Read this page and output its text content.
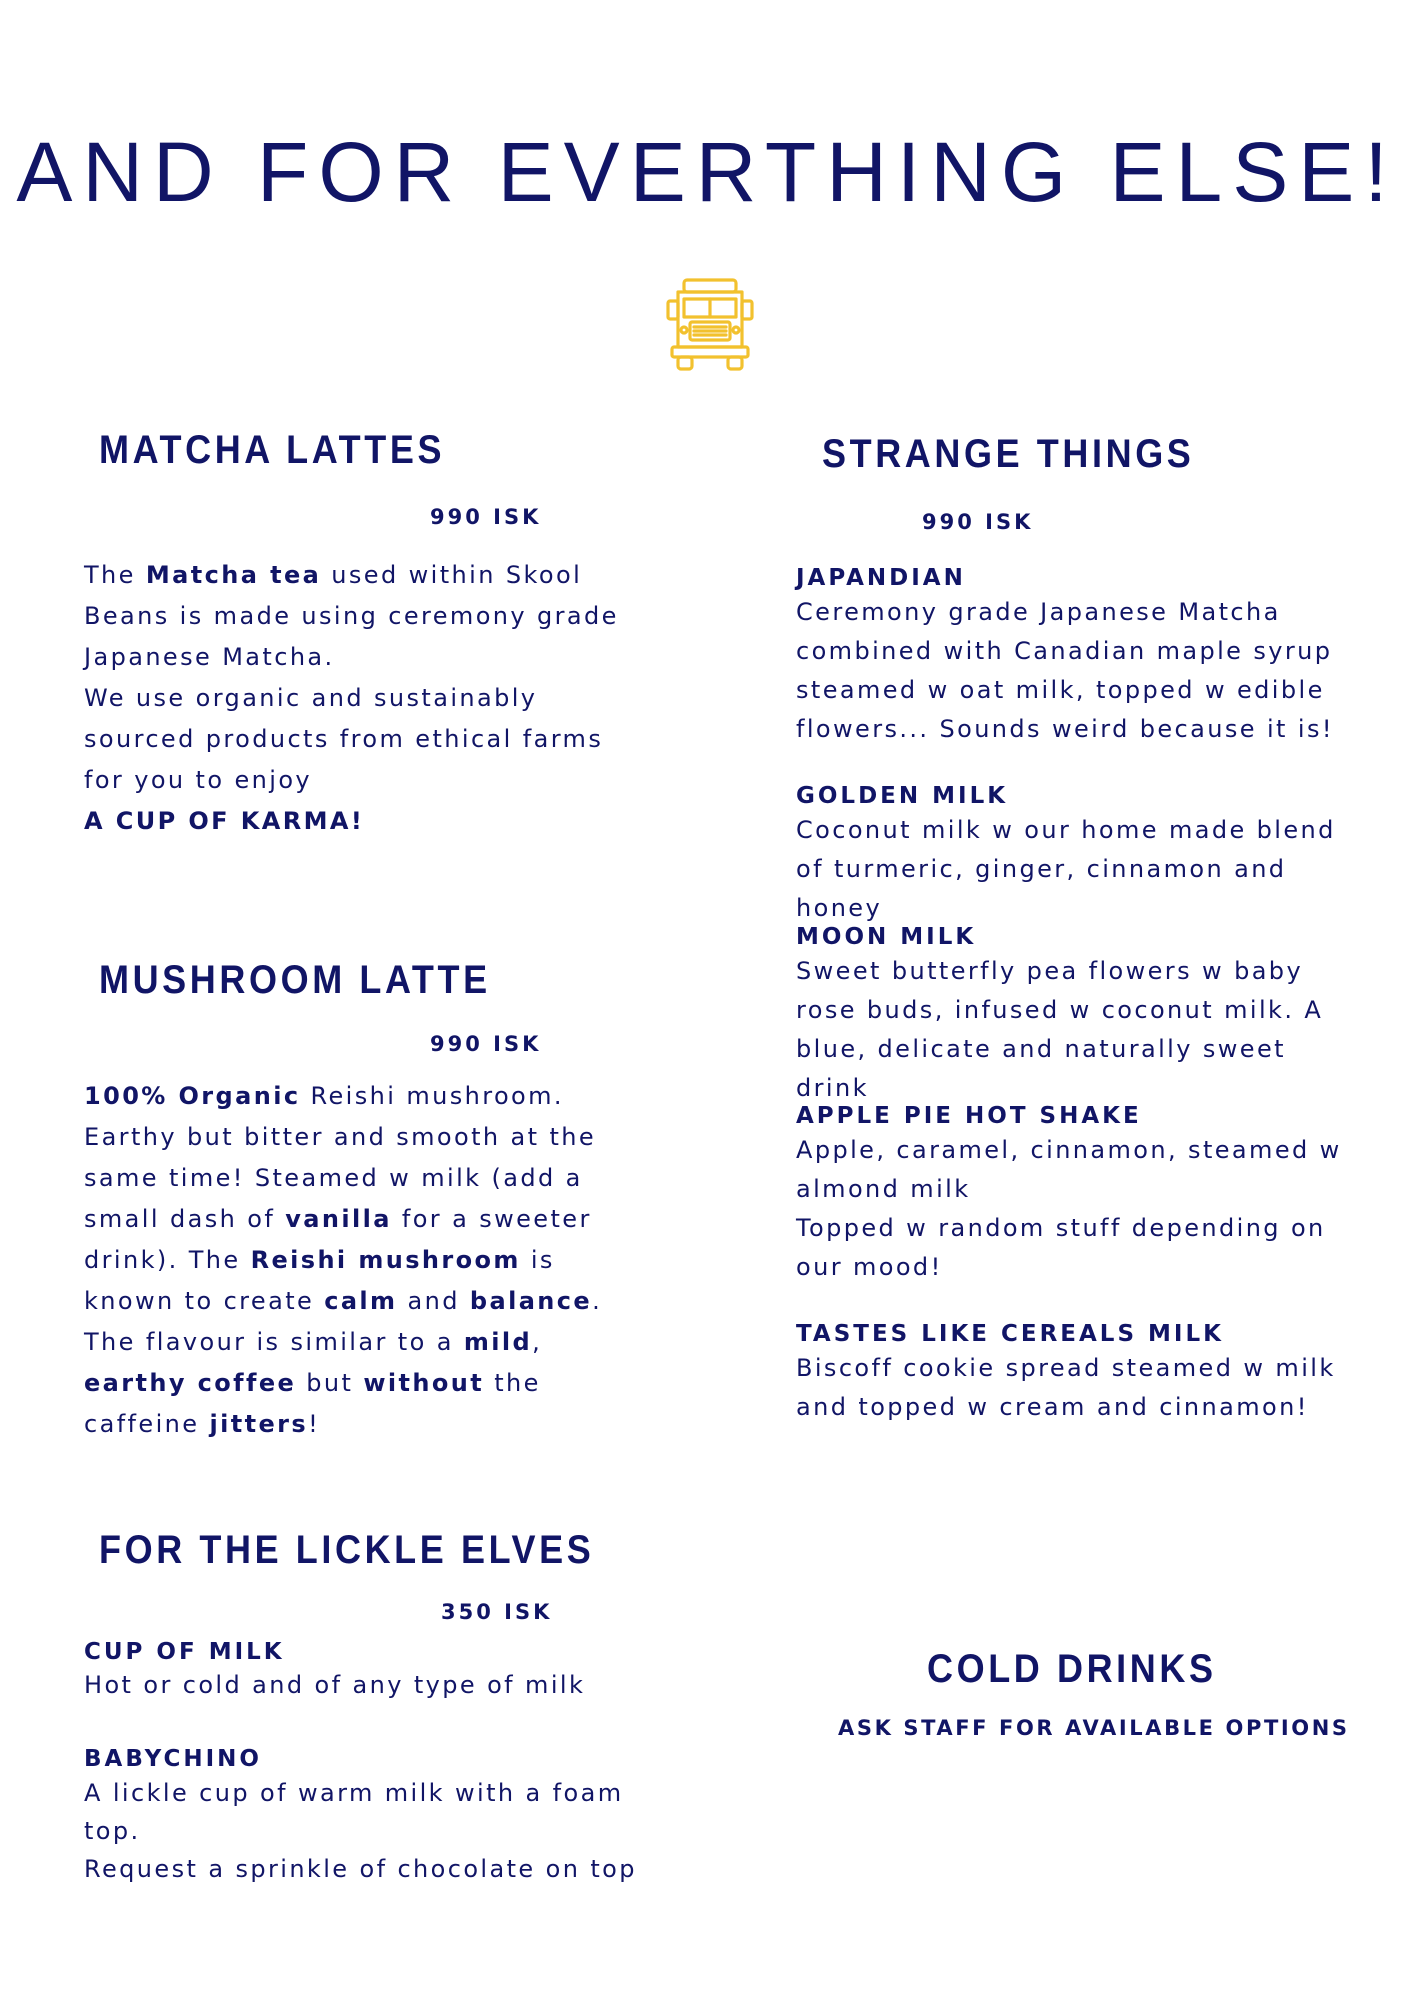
AND FOR EVERTHING ELSE!
MATCHA LATTES
990 ISK
The Matcha tea used within Skool Beans is made using ceremony grade Japanese Matcha.
We use organic and sustainably sourced products from ethical farms for you to enjoy
A CUP OF KARMA!
MUSHROOM LATTE
990 ISK
100% Organic Reishi mushroom. Earthy but bitter and smooth at the same time! Steamed w milk (add a small dash of vanilla for a sweeter drink). The Reishi mushroom is known to create calm and balance. The flavour is similar to a mild, earthy coffee but without the caffeine jitters!
STRANGE THINGS
990 ISK
JAPANDIAN
Ceremony grade Japanese Matcha combined with Canadian maple syrup steamed w oat milk, topped w edible flowers... Sounds weird because it is!
GOLDEN MILK
Coconut milk w our home made blend of turmeric, ginger, cinnamon and honey
MOON MILK
Sweet butterfly pea flowers w baby rose buds, infused w coconut milk. A blue, delicate and naturally sweet drink
APPLE PIE HOT SHAKE
Apple, caramel, cinnamon, steamed w almond milk
Topped w random stuff depending on our mood!
TASTES LIKE CEREALS MILK
Biscoff cookie spread steamed w milk and topped w cream and cinnamon!
FOR THE LICKLE ELVES
350 ISK
CUP OF MILK
Hot or cold and of any type of milk
BABYCHINO
A lickle cup of warm milk with a foam top.
Request a sprinkle of chocolate on top
COLD DRINKS
ASK STAFF FOR AVAILABLE OPTIONS
